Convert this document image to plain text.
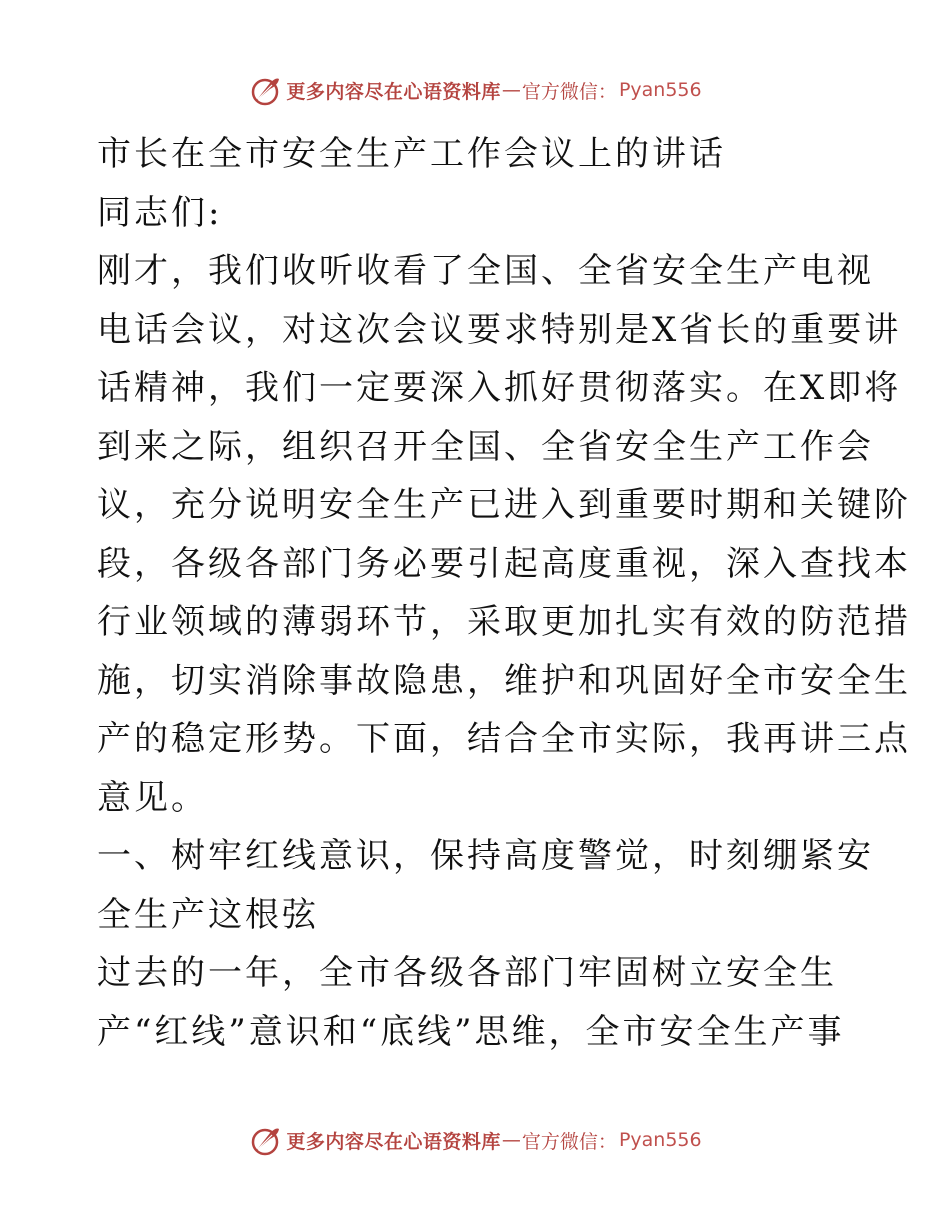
更多内容尽在心语资料库 — 官方微信： Pyan556
市长在全市安全生产工作会议上的讲话
同志们:
刚才，我们收听收看了全国、全省安全生产电视
电话会议，对这次会议要求特别是X省长的重要讲
话精神，我们一定要深入抓好贯彻落实。在X即将
到来之际，组织召开全国、全省安全生产工作会
议，充分说明安全生产已进入到重要时期和关键阶
段，各级各部门务必要引起高度重视，深入查找本
行业领域的薄弱环节，采取更加扎实有效的防范措
施，切实消除事故隐患，维护和巩固好全市安全生
产的稳定形势。下面，结合全市实际，我再讲三点
意见。
一、树牢红线意识，保持高度警觉，时刻绷紧安
全生产这根弦
过去的一年，全市各级各部门牢固树立安全生
产“红线”意识和“底线”思维，全市安全生产事
更多内容尽在心语资料库 — 官方微信： Pyan556
